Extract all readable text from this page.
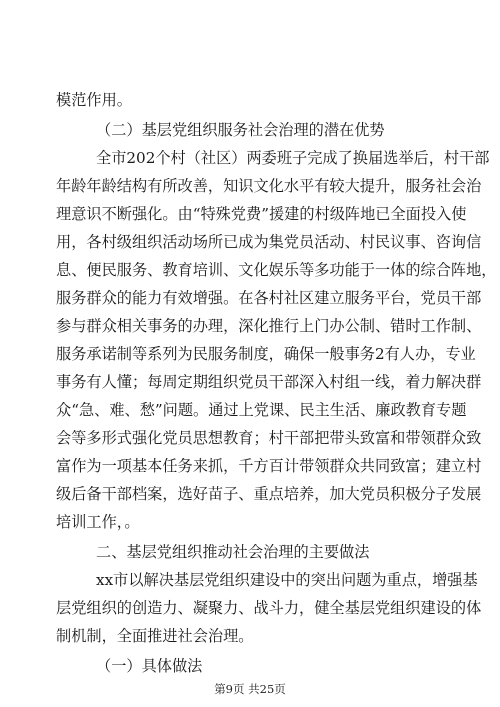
模范作用。
（二）基层党组织服务社会治理的潜在优势
全市202个村（社区）两委班子完成了换届选举后，村干部
年龄年龄结构有所改善，知识文化水平有较大提升，服务社会治
理意识不断强化。由“特殊党费”援建的村级阵地已全面投入使
用，各村级组织活动场所已成为集党员活动、村民议事、咨询信
息、便民服务、教育培训、文化娱乐等多功能于一体的综合阵地，
服务群众的能力有效增强。在各村社区建立服务平台，党员干部
参与群众相关事务的办理，深化推行上门办公制、错时工作制、
服务承诺制等系列为民服务制度，确保一般事务2有人办，专业
事务有人懂；每周定期组织党员干部深入村组一线，着力解决群
众“急、难、愁”问题。通过上党课、民主生活、廉政教育专题
会等多形式强化党员思想教育；村干部把带头致富和带领群众致
富作为一项基本任务来抓，千方百计带领群众共同致富；建立村
级后备干部档案，选好苗子、重点培养，加大党员积极分子发展
培训工作，。
二、基层党组织推动社会治理的主要做法
xx市以解决基层党组织建设中的突出问题为重点，增强基
层党组织的创造力、凝聚力、战斗力，健全基层党组织建设的体
制机制，全面推进社会治理。
（一）具体做法
第9页 共25页
